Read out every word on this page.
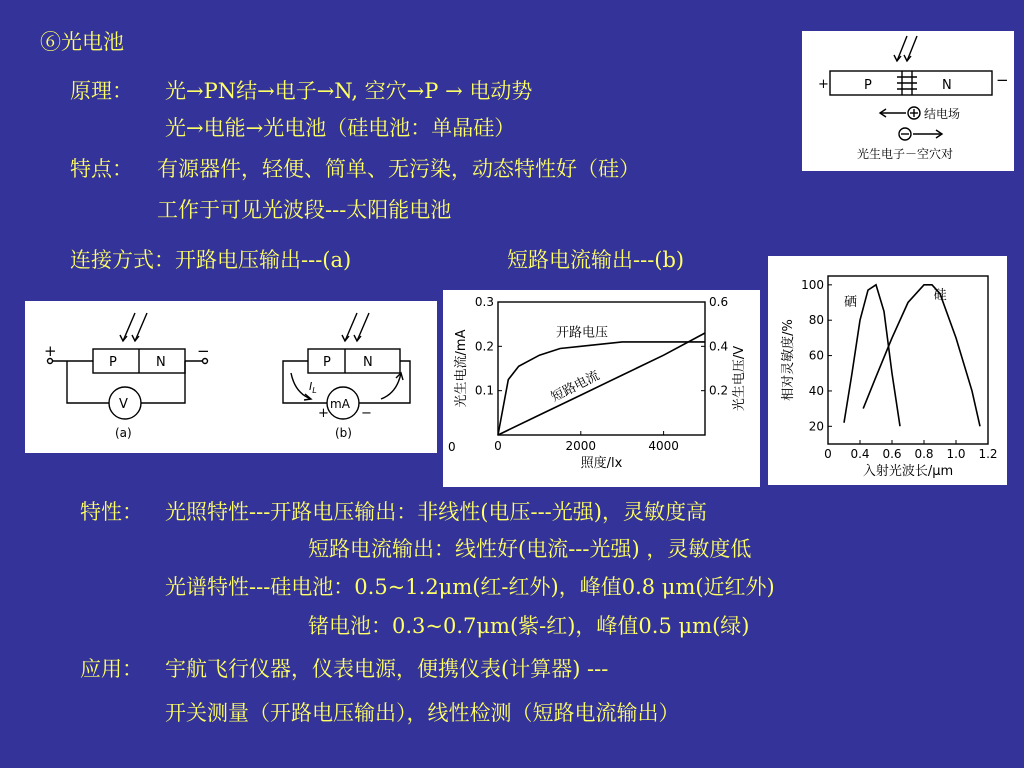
⑥光电池
原理： 光→PN结→电子→N, 空穴→P → 电动势
光→电能→光电池（硅电池：单晶硅）
特点： 有源器件，轻便、简单、无污染，动态特性好（硅）
工作于可见光波段---太阳能电池
连接方式：开路电压输出---(a)	短路电流输出---(b)
+	−
P	N
结电场
光生电子－空穴对
+	−
P	N
V
(a)
P N
mA
$I_L$
+ −
(b)
0	2000	4000
0
0.1
0.2
0.3
0.2
0.4
0.6
照度/lx
光生电流/mA	光生电压/V
开路电压
短路电流
0 0.4 0.6 0.8 1.0 1.2
20
40
60
80
100
入射光波长/μm
相对灵敏度/%
硒	硅
特性： 光照特性---开路电压输出：非线性(电压---光强)，灵敏度高
短路电流输出：线性好(电流---光强) ，灵敏度低
光谱特性---硅电池：0.5~1.2μm(红-红外)，峰值0.8 μm(近红外)
锗电池：0.3~0.7μm(紫-红)，峰值0.5 μm(绿)
应用： 宇航飞行仪器，仪表电源，便携仪表(计算器) ---
开关测量（开路电压输出），线性检测（短路电流输出）
